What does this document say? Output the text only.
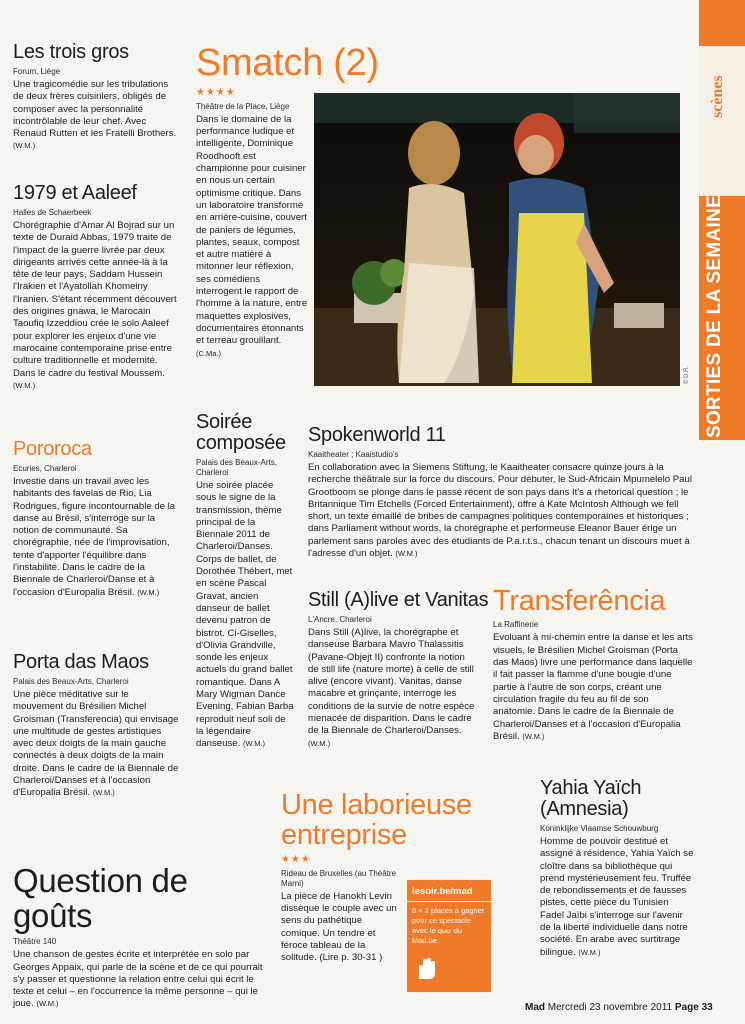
scènes
SORTIES DE LA SEMAINE
Les trois gros
Forum, Liège
Une tragicomédie sur les tribulations de deux frères cuisiniers, obligés de composer avec la personnalité incontrôlable de leur chef. Avec Renaud Rutten et les Fratelli Brothers. (W.M.)
1979 et Aaleef
Halles de Schaerbeek
Chorégraphie d'Amar Al Bojrad sur un texte de Duraid Abbas, 1979 traite de l'impact de la guerre livrée par deux dirigeants arrivés cette année-là à la tête de leur pays, Saddam Hussein l'Irakien et l'Ayatollah Khomeiny l'Iranien. S'étant récemment découvert des origines gnawa, le Marocain Taoufiq Izzeddiou crée le solo Aaleef pour explorer les enjeux d'une vie marocaine contemporaine prise entre culture traditionnelle et modernité. Dans le cadre du festival Moussem. (W.M.)
Pororoca
Ecuries, Charleroi
Investie dans un travail avec les habitants des favelas de Rio, Lia Rodrigues, figure incontournable de la danse au Brésil, s'interroge sur la notion de communauté. Sa chorégraphie, née de l'improvisation, tente d'apporter l'équilibre dans l'instabilité. Dans le cadre de la Biennale de Charleroi/Danse et à l'occasion d'Europalia Brésil. (W.M.)
Porta das Maos
Palais des Beaux-Arts, Charleroi
Une pièce méditative sur le mouvement du Brésilien Michel Groisman (Transferencia) qui envisage une multitude de gestes artistiques avec deux doigts de la main gauche connectés à deux doigts de la main droite. Dans le cadre de la Biennale de Charleroi/Danses et à l'occasion d'Europalia Brésil. (W.M.)
Question de goûts
Théâtre 140
Une chanson de gestes écrite et interprétée en solo par Georges Appaix, qui parle de la scène et de ce qui pourrait s'y passer et questionne la relation entre celui qui écrit le texte et celui – en l'occurrence la même personne – qui le joue. (W.M.)
Smatch (2)
★★★★
Théâtre de la Place, Liège
Dans le domaine de la performance ludique et intelligente, Dominique Roodhooft est championne pour cuisiner en nous un certain optimisme critique. Dans un laboratoire transformé en arrière-cuisine, couvert de paniers de légumes, plantes, seaux, compost et autre matière à mitonner leur réflexion, ses comédiens interrogent le rapport de l'homme à la nature, entre maquettes explosives, documentaires étonnants et terreau grouillant. (C.Ma.)
Soirée composée
Palais des Beaux-Arts, Charleroi
Une soirée placée sous le signe de la transmission, thème principal de la Biennale 2011 de Charleroi/Danses. Corps de ballet, de Dorothée Thébert, met en scène Pascal Gravat, ancien danseur de ballet devenu patron de bistrot. Ci-Giselles, d'Olivia Grandville, sonde les enjeux actuels du grand ballet romantique. Dans A Mary Wigman Dance Evening, Fabian Barba reproduit neuf soli de la légendaire danseuse. (W.M.)
© D.R.
Spokenworld 11
Kaaitheater ; Kaaistudio's
En collaboration avec la Siemens Stiftung, le Kaaitheater consacre quinze jours à la recherche théâtrale sur la force du discours. Pour débuter, le Sud-Africain Mpumelelo Paul Grootboom se plonge dans le passé récent de son pays dans It's a rhetorical question ; le Britannique Tim Etchells (Forced Entertainment), offre à Kate McIntosh Although we fell short, un texte émaillé de bribes de campagnes politiques contemporaines et historiques ; dans Parliament without words, la chorégraphe et performeuse Eleanor Bauer érige un parlement sans paroles avec des étudiants de P.a.r.t.s., chacun tenant un discours muet à l'adresse d'un objet. (W.M.)
Still (A)live et Vanitas
L'Ancre, Charleroi
Dans Still (A)live, la chorégraphe et danseuse Barbara Mavro Thalassitis (Pavane-Objejt II) confronte la notion de still life (nature morte) à celle de still alive (encore vivant). Vanitas, danse macabre et grinçante, interroge les conditions de la survie de notre espèce menacée de disparition. Dans le cadre de la Biennale de Charleroi/Danses. (W.M.)
Transferência
La Raffinerie
Evoluant à mi-chemin entre la danse et les arts visuels, le Brésilien Michel Groisman (Porta das Maos) livre une performance dans laquelle il fait passer la flamme d'une bougie d'une partie à l'autre de son corps, créant une circulation fragile du feu au fil de son anatomie. Dans le cadre de la Biennale de Charleroi/Danses et à l'occasion d'Europalia Brésil. (W.M.)
Une laborieuse entreprise
★★★
Rideau de Bruxelles (au Théâtre Marni)
La pièce de Hanokh Levin dissèque le couple avec un sens du pathétique comique. Un tendre et féroce tableau de la solitude. (Lire p. 30-31 )
lesoir.be/mad
5 × 2 places à gagner pour ce spectacle avec le quiz du Mad.be
Yahia Yaïch (Amnesia)
Koninklijke Vlaamse Schouwburg
Homme de pouvoir destitué et assigné à résidence, Yahia Yaïch se cloître dans sa bibliothèque qui prend mystérieusement feu. Truffée de rebondissements et de fausses pistes, cette pièce du Tunisien Fadel Jaïbi s'interroge sur l'avenir de la liberté individuelle dans notre société. En arabe avec surtitrage bilingue. (W.M.)
Mad Mercredi 23 novembre 2011 Page 33
